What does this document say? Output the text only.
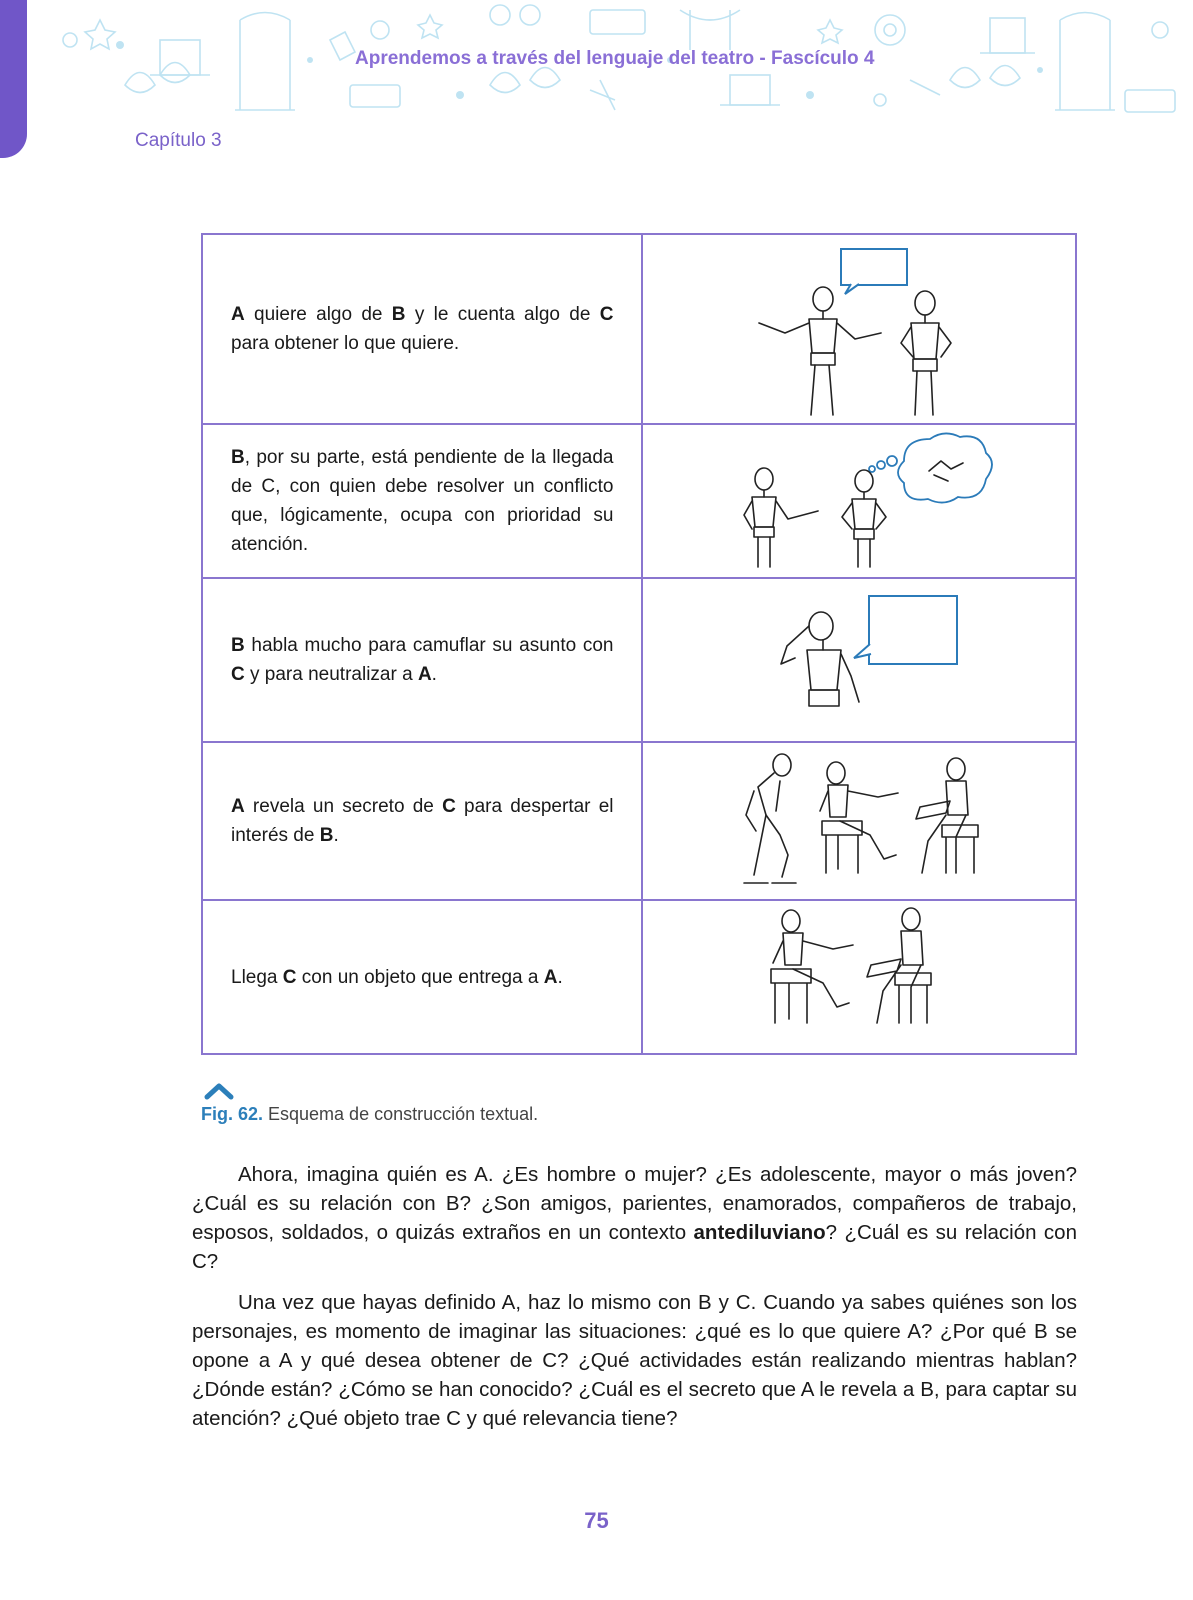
Aprendemos a través del lenguaje del teatro - Fascículo 4
Capítulo 3
A quiere algo de B y le cuenta algo de C para obtener lo que quiere.	

B, por su parte, está pendiente de la llegada de C, con quien debe resolver un conflicto que, lógicamente, ocupa con prioridad su atención.	

B habla mucho para camuflar su asunto con C y para neutralizar a A.	

A revela un secreto de C para despertar el interés de B.	

Llega C con un objeto que entrega a A.	
Fig. 62. Esquema de construcción textual.

Ahora, imagina quién es A. ¿Es hombre o mujer? ¿Es adolescente, mayor o más joven? ¿Cuál es su relación con B? ¿Son amigos, parientes, enamorados, compañeros de trabajo, esposos, soldados, o quizás extraños en un contexto antediluviano? ¿Cuál es su relación con C?

Una vez que hayas definido A, haz lo mismo con B y C. Cuando ya sabes quiénes son los personajes, es momento de imaginar las situaciones: ¿qué es lo que quiere A? ¿Por qué B se opone a A y qué desea obtener de C? ¿Qué actividades están realizando mientras hablan? ¿Dónde están? ¿Cómo se han conocido? ¿Cuál es el secreto que A le revela a B, para captar su atención? ¿Qué objeto trae C y qué relevancia tiene?

75
